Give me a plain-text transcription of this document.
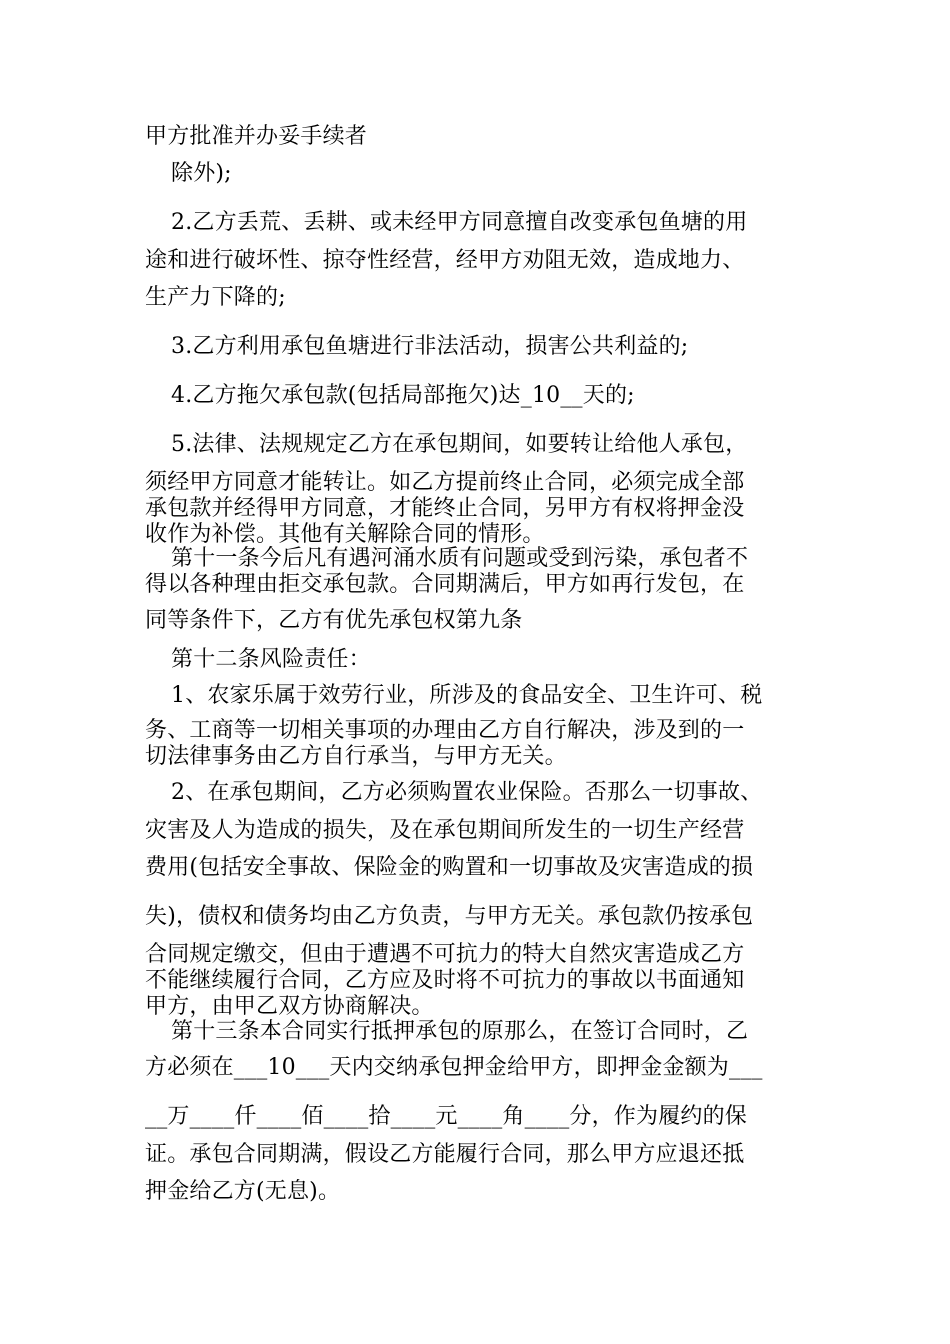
甲方批准并办妥手续者
除外);
2.乙方丢荒、丢耕、或未经甲方同意擅自改变承包鱼塘的用
途和进行破坏性、掠夺性经营，经甲方劝阻无效，造成地力、
生产力下降的;
3.乙方利用承包鱼塘进行非法活动，损害公共利益的;
4.乙方拖欠承包款(包括局部拖欠)达_10__天的;
5.法律、法规规定乙方在承包期间，如要转让给他人承包，
须经甲方同意才能转让。如乙方提前终止合同，必须完成全部
承包款并经得甲方同意，才能终止合同，另甲方有权将押金没
收作为补偿。其他有关解除合同的情形。
第十一条今后凡有遇河涌水质有问题或受到污染，承包者不
得以各种理由拒交承包款。合同期满后，甲方如再行发包，在
同等条件下，乙方有优先承包权第九条
第十二条风险责任：
1、农家乐属于效劳行业，所涉及的食品安全、卫生许可、税
务、工商等一切相关事项的办理由乙方自行解决，涉及到的一
切法律事务由乙方自行承当，与甲方无关。
2、在承包期间，乙方必须购置农业保险。否那么一切事故、
灾害及人为造成的损失，及在承包期间所发生的一切生产经营
费用(包括安全事故、保险金的购置和一切事故及灾害造成的损
失)，债权和债务均由乙方负责，与甲方无关。承包款仍按承包
合同规定缴交，但由于遭遇不可抗力的特大自然灾害造成乙方
不能继续履行合同，乙方应及时将不可抗力的事故以书面通知
甲方，由甲乙双方协商解决。
第十三条本合同实行抵押承包的原那么，在签订合同时，乙
方必须在___10___天内交纳承包押金给甲方，即押金金额为___
__万____仟____佰____拾____元____角____分，作为履约的保
证。承包合同期满，假设乙方能履行合同，那么甲方应退还抵
押金给乙方(无息)。
